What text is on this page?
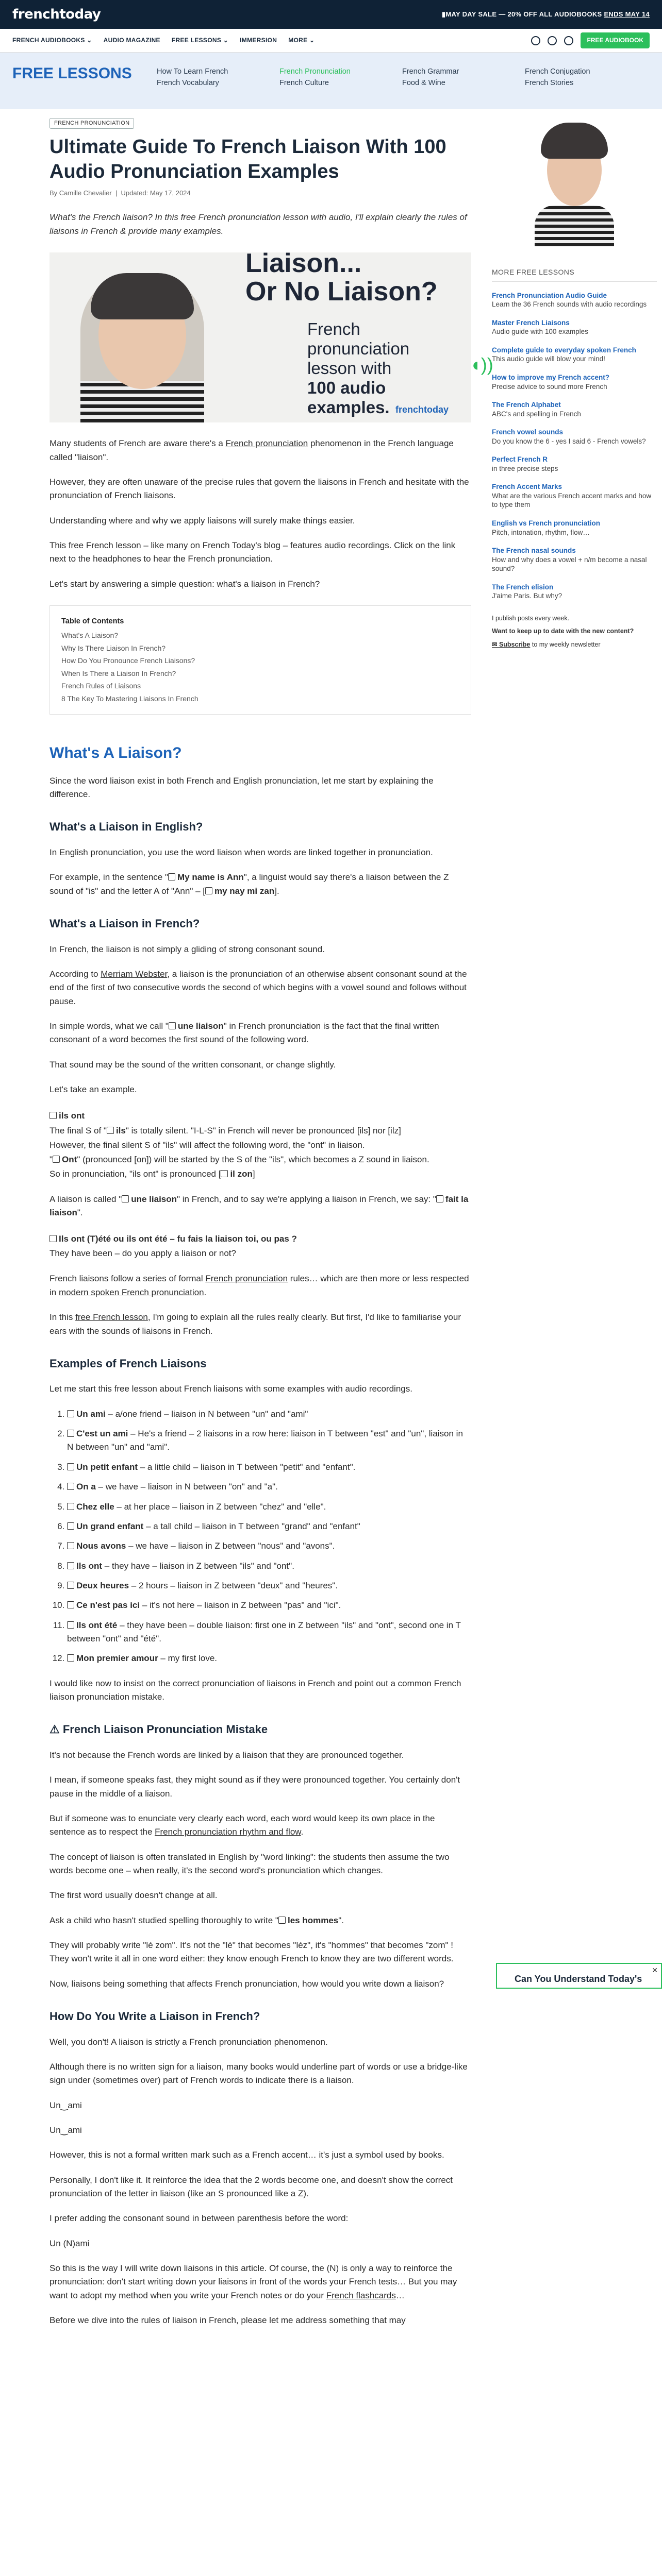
frenchtoday	▮MAY DAY SALE — 20% OFF ALL AUDIOBOOKS ENDS MAY 14
FRENCH AUDIOBOOKS ⌄ AUDIO MAGAZINE FREE LESSONS ⌄ IMMERSION MORE ⌄	FREE AUDIOBOOK
FREE LESSONS	How To Learn French	French Pronunciation	French Grammar	French Conjugation
French Vocabulary	French Culture	Food & Wine	French Stories
FRENCH PRONUNCIATION
Ultimate Guide To French Liaison With 100 Audio Pronunciation Examples
By Camille Chevalier  |  Updated: May 17, 2024
What's the French liaison? In this free French pronunciation lesson with audio, I'll explain clearly the rules of liaisons in French & provide many examples.
Liaison...
Or No Liaison?
French
pronunciation
lesson with
100 audio
examples.
◖))
frenchtoday

Many students of French are aware there's a French pronunciation phenomenon in the French language called "liaison".

However, they are often unaware of the precise rules that govern the liaisons in French and hesitate with the pronunciation of French liaisons.

Understanding where and why we apply liaisons will surely make things easier.

This free French lesson – like many on French Today's blog – features audio recordings. Click on the link next to the headphones to hear the French pronunciation.

Let's start by answering a simple question: what's a liaison in French?

Table of Contents
What's A Liaison?
Why Is There Liaison In French?
How Do You Pronounce French Liaisons?
When Is There a Liaison In French?
French Rules of Liaisons
8 The Key To Mastering Liaisons In French
What's A Liaison?

Since the word liaison exist in both French and English pronunciation, let me start by explaining the difference.

What's a Liaison in English?

In English pronunciation, you use the word liaison when words are linked together in pronunciation.

For example, in the sentence " My name is Ann", a linguist would say there's a liaison between the Z sound of "is" and the letter A of "Ann" – [ my nay mi zan].

What's a Liaison in French?

In French, the liaison is not simply a gliding of strong consonant sound.

According to Merriam Webster, a liaison is the pronunciation of an otherwise absent consonant sound at the end of the first of two consecutive words the second of which begins with a vowel sound and follows without pause.

In simple words, what we call " une liaison" in French pronunciation is the fact that the final written consonant of a word becomes the first sound of the following word.

That sound may be the sound of the written consonant, or change slightly.

Let's take an example.

ils ont
The final S of " ils" is totally silent. "I-L-S" in French will never be pronounced [ils] nor [ilz]
However, the final silent S of "ils" will affect the following word, the "ont" in liaison.
" Ont" (pronounced [on]) will be started by the S of the "ils", which becomes a Z sound in liaison.
So in pronunciation, "ils ont" is pronounced [ il zon]

A liaison is called " une liaison" in French, and to say we're applying a liaison in French, we say: " fait la liaison".

Ils ont (T)été ou ils ont été – fu fais la liaison toi, ou pas ?
They have been – do you apply a liaison or not?

French liaisons follow a series of formal French pronunciation rules… which are then more or less respected in modern spoken French pronunciation.

In this free French lesson, I'm going to explain all the rules really clearly. But first, I'd like to familiarise your ears with the sounds of liaisons in French.

Examples of French Liaisons

Let me start this free lesson about French liaisons with some examples with audio recordings.

1. Un ami – a/one friend – liaison in N between "un" and "ami"
2. C'est un ami – He's a friend – 2 liaisons in a row here: liaison in T between "est" and "un", liaison in N between "un" and "ami".
3. Un petit enfant – a little child – liaison in T between "petit" and "enfant".
4. On a – we have – liaison in N between "on" and "a".
5. Chez elle – at her place – liaison in Z between "chez" and "elle".
6. Un grand enfant – a tall child – liaison in T between "grand" and "enfant"
7. Nous avons – we have – liaison in Z between "nous" and "avons".
8. Ils ont – they have – liaison in Z between "ils" and "ont".
9. Deux heures – 2 hours – liaison in Z between "deux" and "heures".
10. Ce n'est pas ici – it's not here – liaison in Z between "pas" and "ici".
11. Ils ont été – they have been – double liaison: first one in Z between "ils" and "ont", second one in T between "ont" and "été".
12. Mon premier amour – my first love.

I would like now to insist on the correct pronunciation of liaisons in French and point out a common French liaison pronunciation mistake.

⚠ French Liaison Pronunciation Mistake

It's not because the French words are linked by a liaison that they are pronounced together.

I mean, if someone speaks fast, they might sound as if they were pronounced together. You certainly don't pause in the middle of a liaison.

But if someone was to enunciate very clearly each word, each word would keep its own place in the sentence as to respect the French pronunciation rhythm and flow.

The concept of liaison is often translated in English by "word linking": the students then assume the two words become one – when really, it's the second word's pronunciation which changes.

The first word usually doesn't change at all.

Ask a child who hasn't studied spelling thoroughly to write " les hommes".

They will probably write "lé zom". It's not the "lé" that becomes "léz", it's "hommes" that becomes "zom" ! They won't write it all in one word either: they know enough French to know they are two different words.

Now, liaisons being something that affects French pronunciation, how would you write down a liaison?

How Do You Write a Liaison in French?

Well, you don't! A liaison is strictly a French pronunciation phenomenon.

Although there is no written sign for a liaison, many books would underline part of words or use a bridge-like sign under (sometimes over) part of French words to indicate there is a liaison.

Un‿ami

Un‿ami

However, this is not a formal written mark such as a French accent… it's just a symbol used by books.

Personally, I don't like it. It reinforce the idea that the 2 words become one, and doesn't show the correct pronunciation of the letter in liaison (like an S pronounced like a Z).

I prefer adding the consonant sound in between parenthesis before the word:

Un (N)ami

So this is the way I will write down liaisons in this article. Of course, the (N) is only a way to reinforce the pronunciation: don't start writing down your liaisons in front of the words your French tests… But you may want to adopt my method when you write your French notes or do your French flashcards…

Before we dive into the rules of liaison in French, please let me address something that may

MORE FREE LESSONS
French Pronunciation Audio Guide
Learn the 36 French sounds with audio recordings
Master French Liaisons
Audio guide with 100 examples
Complete guide to everyday spoken French
This audio guide will blow your mind!
How to improve my French accent?
Precise advice to sound more French
The French Alphabet
ABC's and spelling in French
French vowel sounds
Do you know the 6 - yes I said 6 - French vowels?
Perfect French R
in three precise steps
French Accent Marks
What are the various French accent marks and how to type them
English vs French pronunciation
Pitch, intonation, rhythm, flow…
The French nasal sounds
How and why does a vowel + n/m become a nasal sound?
The French elision
J'aime Paris. But why?
I publish posts every week.
Want to keep up to date with the new content?
✉ Subscribe to my weekly newsletter
✕
Can You Understand Today's
